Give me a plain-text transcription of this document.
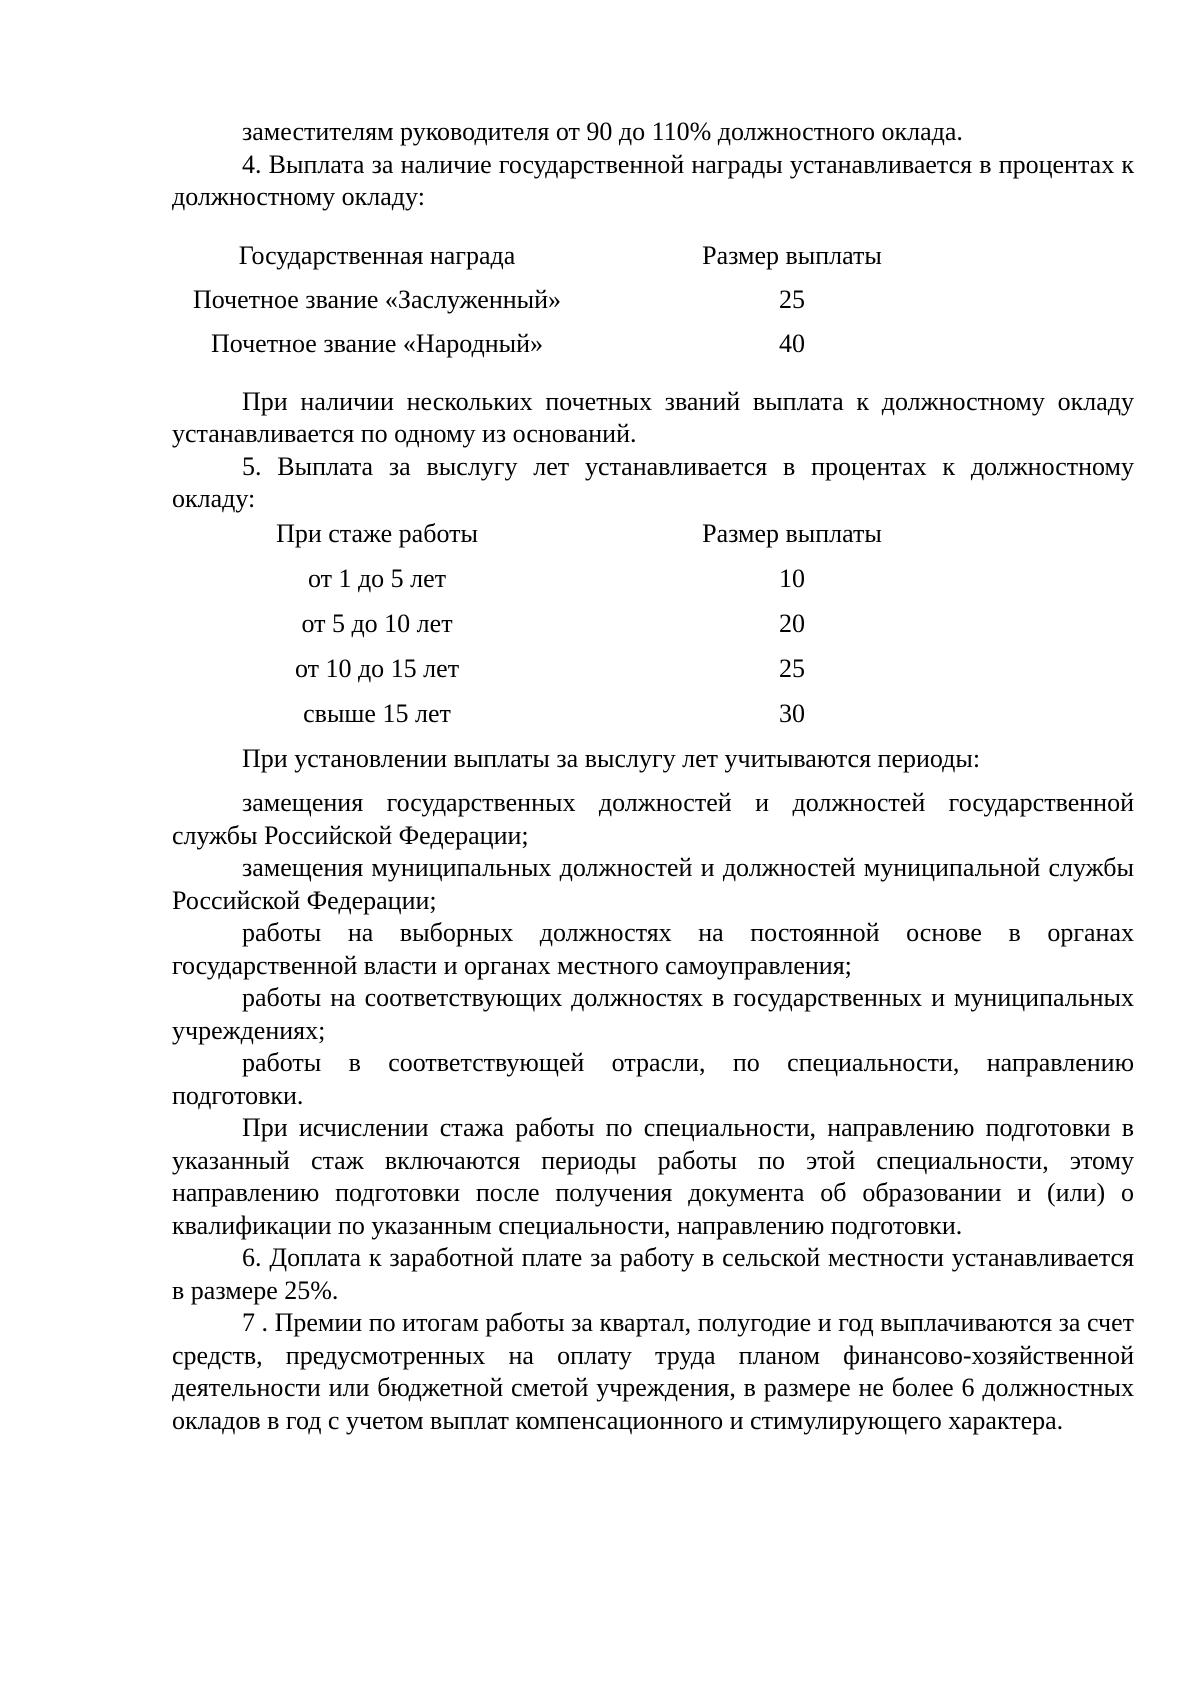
заместителям руководителя от 90 до 110% должностного оклада.

4. Выплата за наличие государственной награды устанавливается в процентах к должностному окладу:

Государственная награда	Размер выплаты
Почетное звание «Заслуженный»	25
Почетное звание «Народный»	40

При наличии нескольких почетных званий выплата к должностному окладу устанавливается по одному из оснований.

5. Выплата за выслугу лет устанавливается в процентах к должностному окладу:

При стаже работы	Размер выплаты
от 1 до 5 лет	10
от 5 до 10 лет	20
от 10 до 15 лет	25
свыше 15 лет	30

При установлении выплаты за выслугу лет учитываются периоды:

замещения государственных должностей и должностей государственной службы Российской Федерации;

замещения муниципальных должностей и должностей муниципальной службы Российской Федерации;

работы на выборных должностях на постоянной основе в органах государственной власти и органах местного самоуправления;

работы на соответствующих должностях в государственных и муниципальных учреждениях;

работы в соответствующей отрасли, по специальности, направлению подготовки.

При исчислении стажа работы по специальности, направлению подготовки в указанный стаж включаются периоды работы по этой специальности, этому направлению подготовки после получения документа об образовании и (или) о квалификации по указанным специальности, направлению подготовки.

6. Доплата к заработной плате за работу в сельской местности устанавливается в размере 25%.

7 . Премии по итогам работы за квартал, полугодие и год выплачиваются за счет средств, предусмотренных на оплату труда планом финансово-хозяйственной деятельности или бюджетной сметой учреждения, в размере не более 6 должностных окладов в год с учетом выплат компенсационного и стимулирующего характера.
